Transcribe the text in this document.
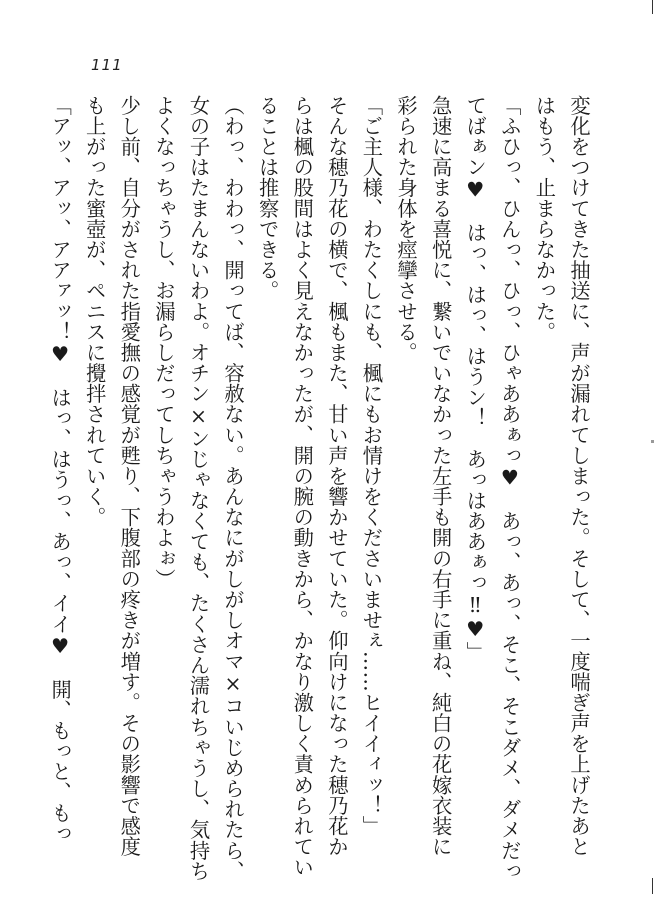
111
変化をつけてきた抽送に、声が漏れてしまった。そして、一度喘ぎ声を上げたあと
はもう、止まらなかった。
「ふひっ、ひんっ、ひっ、ひゃああぁっ♥　あっ、あっ、そこ、そこダメ、ダメだっ
てばぁン♥　はっ、はっ、はうン！　あっはああぁっ‼♥」
急速に高まる喜悦に、繋いでいなかった左手も開の右手に重ね、純白の花嫁衣装に
彩られた身体を痙攣させる。
「ご主人様、わたくしにも、楓にもお情けをくださいませぇ……ヒイイィッ！」
そんな穂乃花の横で、楓もまた、甘い声を響かせていた。仰向けになった穂乃花か
らは楓の股間はよく見えなかったが、開の腕の動きから、かなり激しく責められてい
ることは推察できる。
（わっ、わわっ、開ってば、容赦ない。あんなにがしがしオマ×コいじめられたら、
女の子はたまんないわよ。オチン×ンじゃなくても、たくさん濡れちゃうし、気持ち
よくなっちゃうし、お漏らしだってしちゃうわよぉ）
少し前、自分がされた指愛撫の感覚が甦り、下腹部の疼きが増す。その影響で感度
も上がった蜜壺が、ペニスに攪拌されていく。
「アッ、アッ、アアァッ！♥　はっ、はうっ、あっ、イイ♥　開、もっと、もっ
